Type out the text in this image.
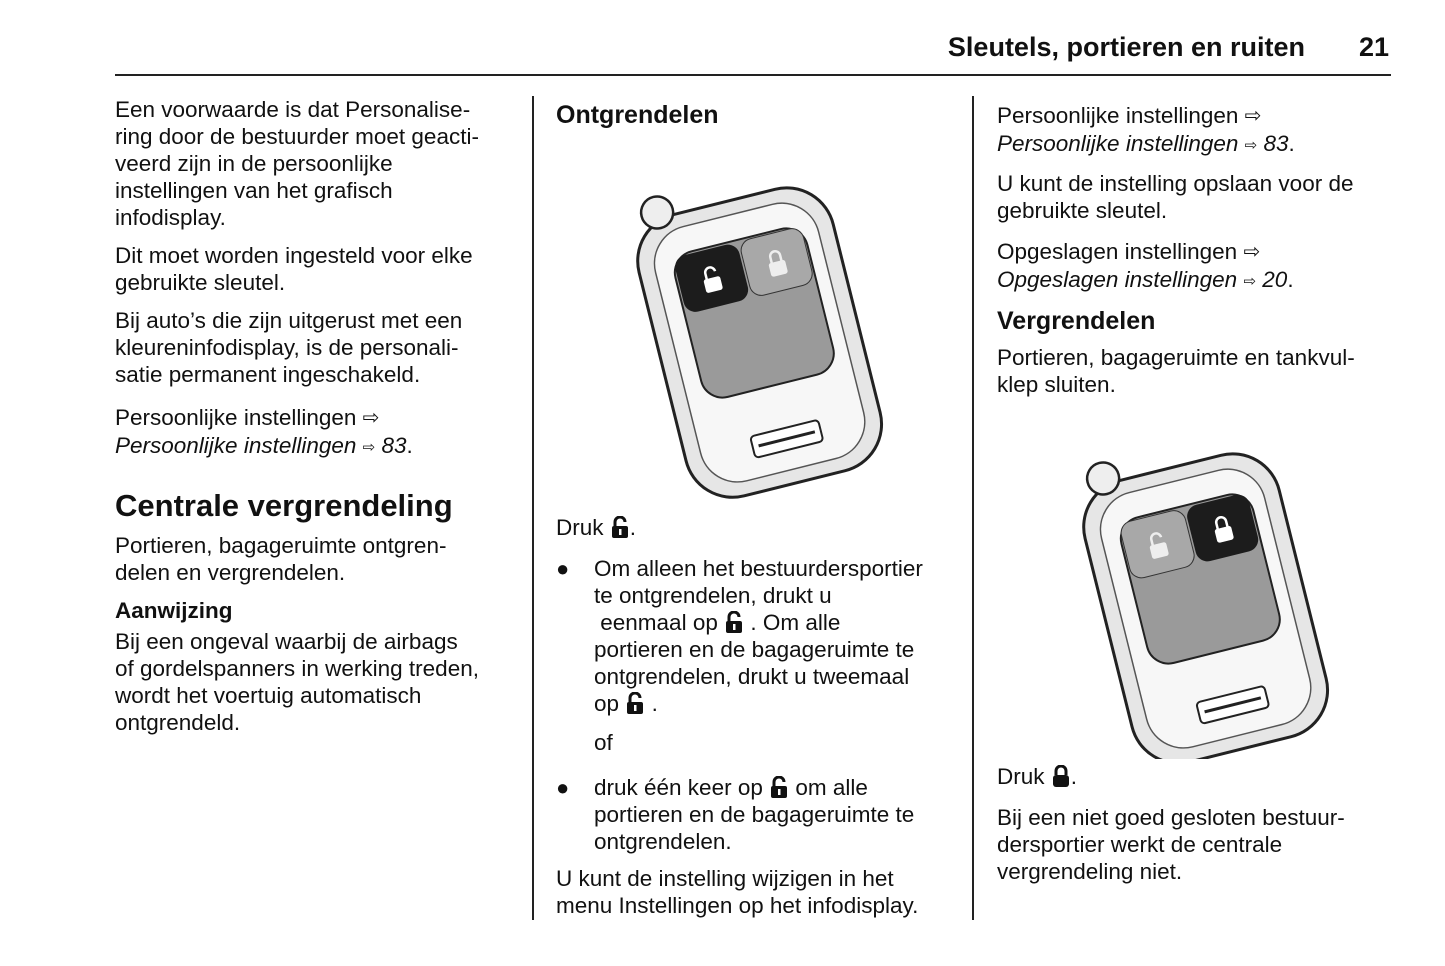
Sleutels, portieren en ruiten 21

Een voorwaarde is dat Personalise-
ring door de bestuurder moet geacti-
veerd zijn in de persoonlijke
instellingen van het grafisch
infodisplay.

Dit moet worden ingesteld voor elke
gebruikte sleutel.

Bij auto’s die zijn uitgerust met een
kleureninfodisplay, is de personali-
satie permanent ingeschakeld.

Persoonlijke instellingen ⇨
Persoonlijke instellingen ⇨ 83.

Centrale vergrendeling

Portieren, bagageruimte ontgren-
delen en vergrendelen.

Aanwijzing

Bij een ongeval waarbij de airbags
of gordelspanners in werking treden,
wordt het voertuig automatisch
ontgrendeld.

Ontgrendelen

Druk .

● Om alleen het bestuurdersportier
te ontgrendelen, drukt u
eenmaal op . Om alle
portieren en de bagageruimte te
ontgrendelen, drukt u tweemaal
op .
of
● druk één keer op om alle
portieren en de bagageruimte te
ontgrendelen.

U kunt de instelling wijzigen in het
menu Instellingen op het infodisplay.

Persoonlijke instellingen ⇨
Persoonlijke instellingen ⇨ 83.

U kunt de instelling opslaan voor de
gebruikte sleutel.

Opgeslagen instellingen ⇨
Opgeslagen instellingen ⇨ 20.

Vergrendelen

Portieren, bagageruimte en tankvul-
klep sluiten.

Druk .

Bij een niet goed gesloten bestuur-
dersportier werkt de centrale
vergrendeling niet.
